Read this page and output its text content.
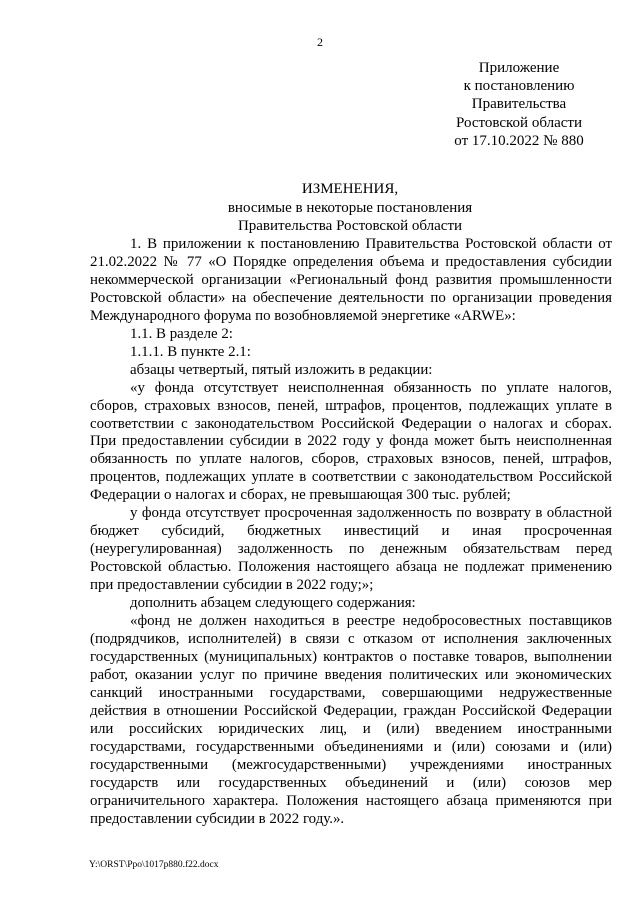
2
Приложение
к постановлению
Правительства
Ростовской области
от 17.10.2022 № 880
ИЗМЕНЕНИЯ,
вносимые в некоторые постановления
Правительства Ростовской области

1. В приложении к постановлению Правительства Ростовской области от 21.02.2022 № 77 «О Порядке определения объема и предоставления субсидии некоммерческой организации «Региональный фонд развития промышленности Ростовской области» на обеспечение деятельности по организации проведения Международного форума по возобновляемой энергетике «ARWE»:

1.1. В разделе 2:

1.1.1. В пункте 2.1:

абзацы четвертый, пятый изложить в редакции:

«у фонда отсутствует неисполненная обязанность по уплате налогов, сборов, страховых взносов, пеней, штрафов, процентов, подлежащих уплате в соответствии с законодательством Российской Федерации о налогах и сборах. При предоставлении субсидии в 2022 году у фонда может быть неисполненная обязанность по уплате налогов, сборов, страховых взносов, пеней, штрафов, процентов, подлежащих уплате в соответствии с законодательством Российской Федерации о налогах и сборах, не превышающая 300 тыс. рублей;

у фонда отсутствует просроченная задолженность по возврату в областной бюджет субсидий, бюджетных инвестиций и иная просроченная (неурегулированная) задолженность по денежным обязательствам перед Ростовской областью. Положения настоящего абзаца не подлежат применению при предоставлении субсидии в 2022 году;»;

дополнить абзацем следующего содержания:

«фонд не должен находиться в реестре недобросовестных поставщиков (подрядчиков, исполнителей) в связи с отказом от исполнения заключенных государственных (муниципальных) контрактов о поставке товаров, выполнении работ, оказании услуг по причине введения политических или экономических санкций иностранными государствами, совершающими недружественные действия в отношении Российской Федерации, граждан Российской Федерации или российских юридических лиц, и (или) введением иностранными государствами, государственными объединениями и (или) союзами и (или) государственными (межгосударственными) учреждениями иностранных государств или государственных объединений и (или) союзов мер ограничительного характера. Положения настоящего абзаца применяются при предоставлении субсидии в 2022 году.».

Y:\ORST\Ppo\1017p880.f22.docx
